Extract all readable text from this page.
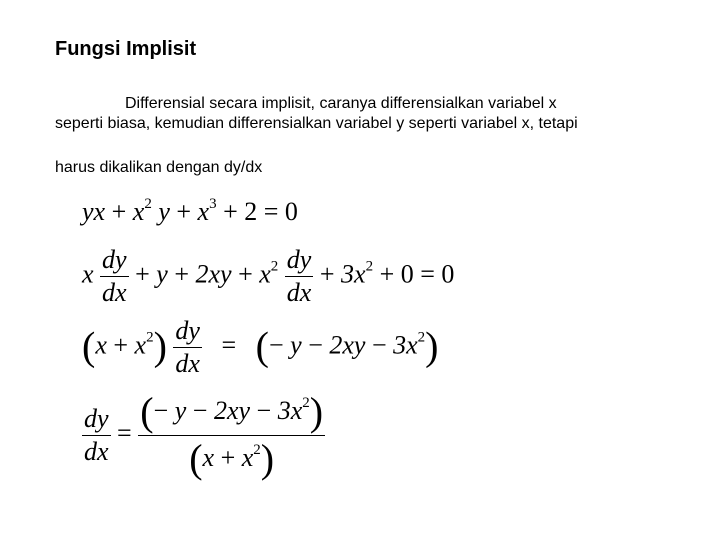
Fungsi Implisit
Differensial secara implisit, caranya differensialkan variabel x
seperti biasa, kemudian differensialkan variabel y seperti variabel x, tetapi
harus dikalikan dengan dy/dx
yx + $x^2$ $y + x^3 + 2 = 0$
x $\frac{dy}{dx} + y + 2xy + x^2 \frac{dy}{dx} + 3x^2 + 0 = 0$
$(x + x^2) \frac{dy}{dx}$ = (− $y - 2xy - 3x^2$)
$\frac{dy}{dx} = \frac{(- y - 2xy - 3x^2)}{(x + x^2)}$
